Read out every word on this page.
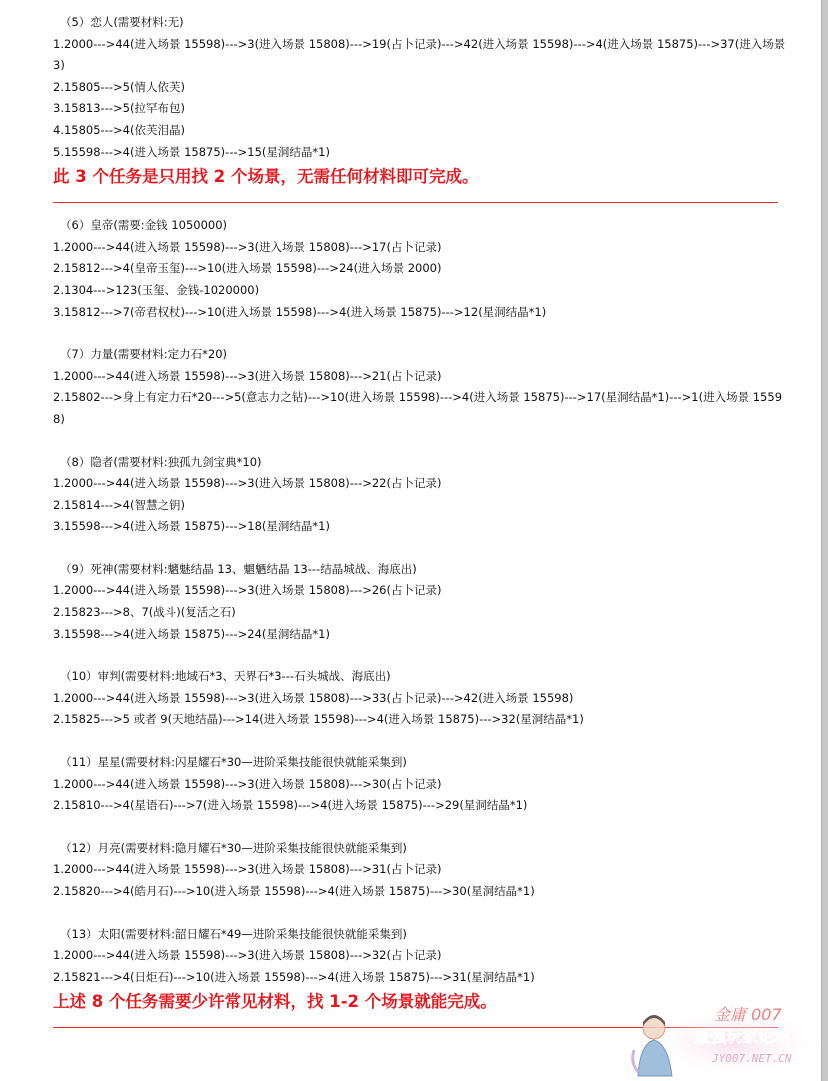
（5）恋人(需要材料:无)
1.2000--->44(进入场景 15598)--->3(进入场景 15808)--->19(占卜记录)--->42(进入场景 15598)--->4(进入场景 15875)--->37(进入场景 3)
2.15805--->5(情人依芙)
3.15813--->5(拉罕布包)
4.15805--->4(依芙泪晶)
5.15598--->4(进入场景 15875)--->15(星洞结晶*1)
此 3 个任务是只用找 2 个场景，无需任何材料即可完成。
（6）皇帝(需要:金钱 1050000)
1.2000--->44(进入场景 15598)--->3(进入场景 15808)--->17(占卜记录)
2.15812--->4(皇帝玉玺)--->10(进入场景 15598)--->24(进入场景 2000)
2.1304--->123(玉玺、金钱-1020000)
3.15812--->7(帝君权杖)--->10(进入场景 15598)--->4(进入场景 15875)--->12(星洞结晶*1)
（7）力量(需要材料:定力石*20)
1.2000--->44(进入场景 15598)--->3(进入场景 15808)--->21(占卜记录)
2.15802--->身上有定力石*20--->5(意志力之钻)--->10(进入场景 15598)--->4(进入场景 15875)--->17(星洞结晶*1)--->1(进入场景 15598)
（8）隐者(需要材料:独孤九剑宝典*10)
1.2000--->44(进入场景 15598)--->3(进入场景 15808)--->22(占卜记录)
2.15814--->4(智慧之钥)
3.15598--->4(进入场景 15875)--->18(星洞结晶*1)
（9）死神(需要材料:魑魅结晶 13、魍魉结晶 13---结晶城战、海底出)
1.2000--->44(进入场景 15598)--->3(进入场景 15808)--->26(占卜记录)
2.15823--->8、7(战斗)(复活之石)
3.15598--->4(进入场景 15875)--->24(星洞结晶*1)
（10）审判(需要材料:地域石*3、天界石*3---石头城战、海底出)
1.2000--->44(进入场景 15598)--->3(进入场景 15808)--->33(占卜记录)--->42(进入场景 15598)
2.15825--->5 或者 9(天地结晶)--->14(进入场景 15598)--->4(进入场景 15875)--->32(星洞结晶*1)
（11）星星(需要材料:闪星耀石*30—进阶采集技能很快就能采集到)
1.2000--->44(进入场景 15598)--->3(进入场景 15808)--->30(占卜记录)
2.15810--->4(星语石)--->7(进入场景 15598)--->4(进入场景 15875)--->29(星洞结晶*1)
（12）月亮(需要材料:隐月耀石*30—进阶采集技能很快就能采集到)
1.2000--->44(进入场景 15598)--->3(进入场景 15808)--->31(占卜记录)
2.15820--->4(皓月石)--->10(进入场景 15598)--->4(进入场景 15875)--->30(星洞结晶*1)
（13）太阳(需要材料:韶日耀石*49—进阶采集技能很快就能采集到)
1.2000--->44(进入场景 15598)--->3(进入场景 15808)--->32(占卜记录)
2.15821--->4(日炬石)--->10(进入场景 15598)--->4(进入场景 15875)--->31(星洞结晶*1)
上述 8 个任务需要少许常见材料，找 1-2 个场景就能完成。
金庸 007
最强玩家论坛
JY007.NET.CN
